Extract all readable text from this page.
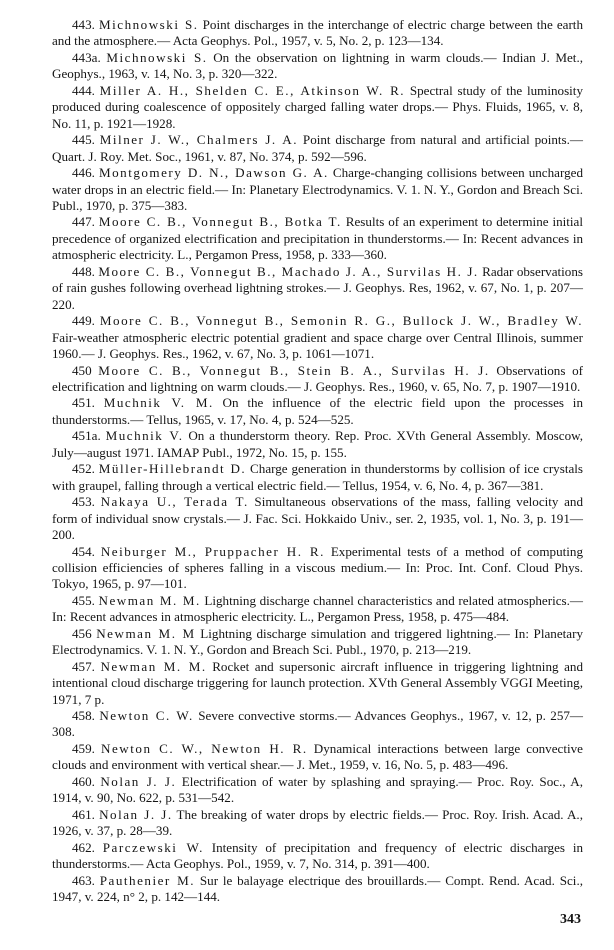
443. Michnowski S. Point discharges in the interchange of electric charge between the earth and the atmosphere.— Acta Geophys. Pol., 1957, v. 5, No. 2, p. 123—134.

443a. Michnowski S. On the observation on lightning in warm clouds.— Indian J. Met., Geophys., 1963, v. 14, No. 3, p. 320—322.

444. Miller A. H., Shelden C. E., Atkinson W. R. Spectral study of the luminosity produced during coalescence of oppositely charged falling water drops.— Phys. Fluids, 1965, v. 8, No. 11, p. 1921—1928.

445. Milner J. W., Chalmers J. A. Point discharge from natural and artificial points.— Quart. J. Roy. Met. Soc., 1961, v. 87, No. 374, p. 592—596.

446. Montgomery D. N., Dawson G. A. Charge-changing collisions between uncharged water drops in an electric field.— In: Planetary Electrodynamics. V. 1. N. Y., Gordon and Breach Sci. Publ., 1970, p. 375—383.

447. Moore C. B., Vonnegut B., Botka T. Results of an experiment to determine initial precedence of organized electrification and precipitation in thunderstorms.— In: Recent advances in atmospheric electricity. L., Pergamon Press, 1958, p. 333—360.

448. Moore C. B., Vonnegut B., Machado J. A., Survilas H. J. Radar observations of rain gushes following overhead lightning strokes.— J. Geophys. Res, 1962, v. 67, No. 1, p. 207—220.

449. Moore C. B., Vonnegut B., Semonin R. G., Bullock J. W., Bradley W. Fair-weather atmospheric electric potential gradient and space charge over Central Illinois, summer 1960.— J. Geophys. Res., 1962, v. 67, No. 3, p. 1061—1071.

450 Moore C. B., Vonnegut B., Stein B. A., Survilas H. J. Observations of electrification and lightning on warm clouds.— J. Geophys. Res., 1960, v. 65, No. 7, p. 1907—1910.

451. Muchnik V. M. On the influence of the electric field upon the processes in thunderstorms.— Tellus, 1965, v. 17, No. 4, p. 524—525.

451a. Muchnik V. On a thunderstorm theory. Rep. Proc. XVth General Assembly. Moscow, July—august 1971. IAMAP Publ., 1972, No. 15, p. 155.

452. Müller-Hillebrandt D. Charge generation in thunderstorms by collision of ice crystals with graupel, falling through a vertical electric field.— Tellus, 1954, v. 6, No. 4, p. 367—381.

453. Nakaya U., Terada T. Simultaneous observations of the mass, falling velocity and form of individual snow crystals.— J. Fac. Sci. Hokkaido Univ., ser. 2, 1935, vol. 1, No. 3, p. 191—200.

454. Neiburger M., Pruppacher H. R. Experimental tests of a method of computing collision efficiencies of spheres falling in a viscous medium.— In: Proc. Int. Conf. Cloud Phys. Tokyo, 1965, p. 97—101.

455. Newman M. M. Lightning discharge channel characteristics and related atmospherics.— In: Recent advances in atmospheric electricity. L., Pergamon Press, 1958, p. 475—484.

456 Newman M. M Lightning discharge simulation and triggered lightning.— In: Planetary Electrodynamics. V. 1. N. Y., Gordon and Breach Sci. Publ., 1970, p. 213—219.

457. Newman M. M. Rocket and supersonic aircraft influence in triggering lightning and intentional cloud discharge triggering for launch protection. XVth General Assembly VGGI Meeting, 1971, 7 p.

458. Newton C. W. Severe convective storms.— Advances Geophys., 1967, v. 12, p. 257—308.

459. Newton C. W., Newton H. R. Dynamical interactions between large convective clouds and environment with vertical shear.— J. Met., 1959, v. 16, No. 5, p. 483—496.

460. Nolan J. J. Electrification of water by splashing and spraying.— Proc. Roy. Soc., A, 1914, v. 90, No. 622, p. 531—542.

461. Nolan J. J. The breaking of water drops by electric fields.— Proc. Roy. Irish. Acad. A., 1926, v. 37, p. 28—39.

462. Parczewski W. Intensity of precipitation and frequency of electric discharges in thunderstorms.— Acta Geophys. Pol., 1959, v. 7, No. 314, p. 391—400.

463. Pauthenier M. Sur le balayage electrique des brouillards.— Compt. Rend. Acad. Sci., 1947, v. 224, n° 2, p. 142—144.

343
